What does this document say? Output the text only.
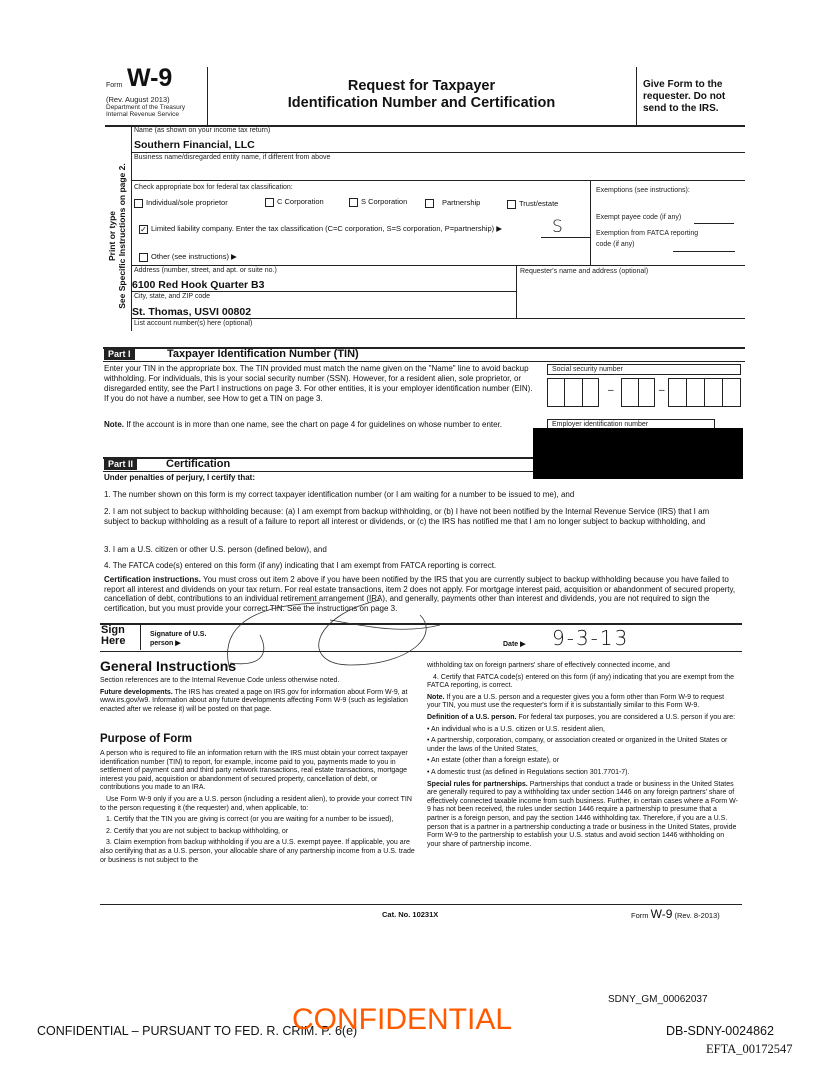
Form W-9
(Rev. August 2013)
Department of the Treasury
Internal Revenue Service
Request for Taxpayer
Identification Number and Certification
Give Form to the requester. Do not send to the IRS.
Print or type See Specific Instructions on page 2.
Name (as shown on your income tax return)
Southern Financial, LLC
Business name/disregarded entity name, if different from above
Check appropriate box for federal tax classification:
Individual/sole proprietor	C Corporation	S Corporation	Partnership	Trust/estate
✓ Limited liability company. Enter the tax classification (C=C corporation, S=S corporation, P=partnership) ▶	S
Other (see instructions) ▶
Exemptions (see instructions):
Exempt payee code (if any)
Exemption from FATCA reporting
code (if any)
Address (number, street, and apt. or suite no.)
6100 Red Hook Quarter B3
Requester's name and address (optional)
City, state, and ZIP code
St. Thomas, USVI 00802
List account number(s) here (optional)
Part I	Taxpayer Identification Number (TIN)
Enter your TIN in the appropriate box. The TIN provided must match the name given on the "Name" line to avoid backup withholding. For individuals, this is your social security number (SSN). However, for a resident alien, sole proprietor, or disregarded entity, see the Part I instructions on page 3. For other entities, it is your employer identification number (EIN). If you do not have a number, see How to get a TIN on page 3.
Note. If the account is in more than one name, see the chart on page 4 for guidelines on whose number to enter.
Social security number
–	–
Employer identification number
Part II	Certification
Under penalties of perjury, I certify that:
1. The number shown on this form is my correct taxpayer identification number (or I am waiting for a number to be issued to me), and
2. I am not subject to backup withholding because: (a) I am exempt from backup withholding, or (b) I have not been notified by the Internal Revenue Service (IRS) that I am subject to backup withholding as a result of a failure to report all interest or dividends, or (c) the IRS has notified me that I am no longer subject to backup withholding, and
3. I am a U.S. citizen or other U.S. person (defined below), and
4. The FATCA code(s) entered on this form (if any) indicating that I am exempt from FATCA reporting is correct.
Certification instructions. You must cross out item 2 above if you have been notified by the IRS that you are currently subject to backup withholding because you have failed to report all interest and dividends on your tax return. For real estate transactions, item 2 does not apply. For mortgage interest paid, acquisition or abandonment of secured property, cancellation of debt, contributions to an individual retirement arrangement (IRA), and generally, payments other than interest and dividends, you are not required to sign the certification, but you must provide your correct TIN. See the instructions on page 3.
Sign Here
Signature of U.S. person ▶	Date ▶ 9-3-13
General Instructions

Section references are to the Internal Revenue Code unless otherwise noted.

Future developments. The IRS has created a page on IRS.gov for information about Form W-9, at www.irs.gov/w9. Information about any future developments affecting Form W-9 (such as legislation enacted after we release it) will be posted on that page.

Purpose of Form

A person who is required to file an information return with the IRS must obtain your correct taxpayer identification number (TIN) to report, for example, income paid to you, payments made to you in settlement of payment card and third party network transactions, real estate transactions, mortgage interest you paid, acquisition or abandonment of secured property, cancellation of debt, or contributions you made to an IRA.

Use Form W-9 only if you are a U.S. person (including a resident alien), to provide your correct TIN to the person requesting it (the requester) and, when applicable, to:

1. Certify that the TIN you are giving is correct (or you are waiting for a number to be issued),

2. Certify that you are not subject to backup withholding, or

3. Claim exemption from backup withholding if you are a U.S. exempt payee. If applicable, you are also certifying that as a U.S. person, your allocable share of any partnership income from a U.S. trade or business is not subject to the

withholding tax on foreign partners' share of effectively connected income, and

4. Certify that FATCA code(s) entered on this form (if any) indicating that you are exempt from the FATCA reporting, is correct.

Note. If you are a U.S. person and a requester gives you a form other than Form W-9 to request your TIN, you must use the requester's form if it is substantially similar to this Form W-9.

Definition of a U.S. person. For federal tax purposes, you are considered a U.S. person if you are:

• An individual who is a U.S. citizen or U.S. resident alien,

• A partnership, corporation, company, or association created or organized in the United States or under the laws of the United States,

• An estate (other than a foreign estate), or

• A domestic trust (as defined in Regulations section 301.7701-7).

Special rules for partnerships. Partnerships that conduct a trade or business in the United States are generally required to pay a withholding tax under section 1446 on any foreign partners' share of effectively connected taxable income from such business. Further, in certain cases where a Form W-9 has not been received, the rules under section 1446 require a partnership to presume that a partner is a foreign person, and pay the section 1446 withholding tax. Therefore, if you are a U.S. person that is a partner in a partnership conducting a trade or business in the United States, provide Form W-9 to the partnership to establish your U.S. status and avoid section 1446 withholding on your share of partnership income.

Cat. No. 10231X	Form W-9 (Rev. 8-2013)
SDNY_GM_00062037
CONFIDENTIAL – PURSUANT TO FED. R. CRIM. P. 6(e)
CONFIDENTIAL	DB-SDNY-0024862
EFTA_00172547
